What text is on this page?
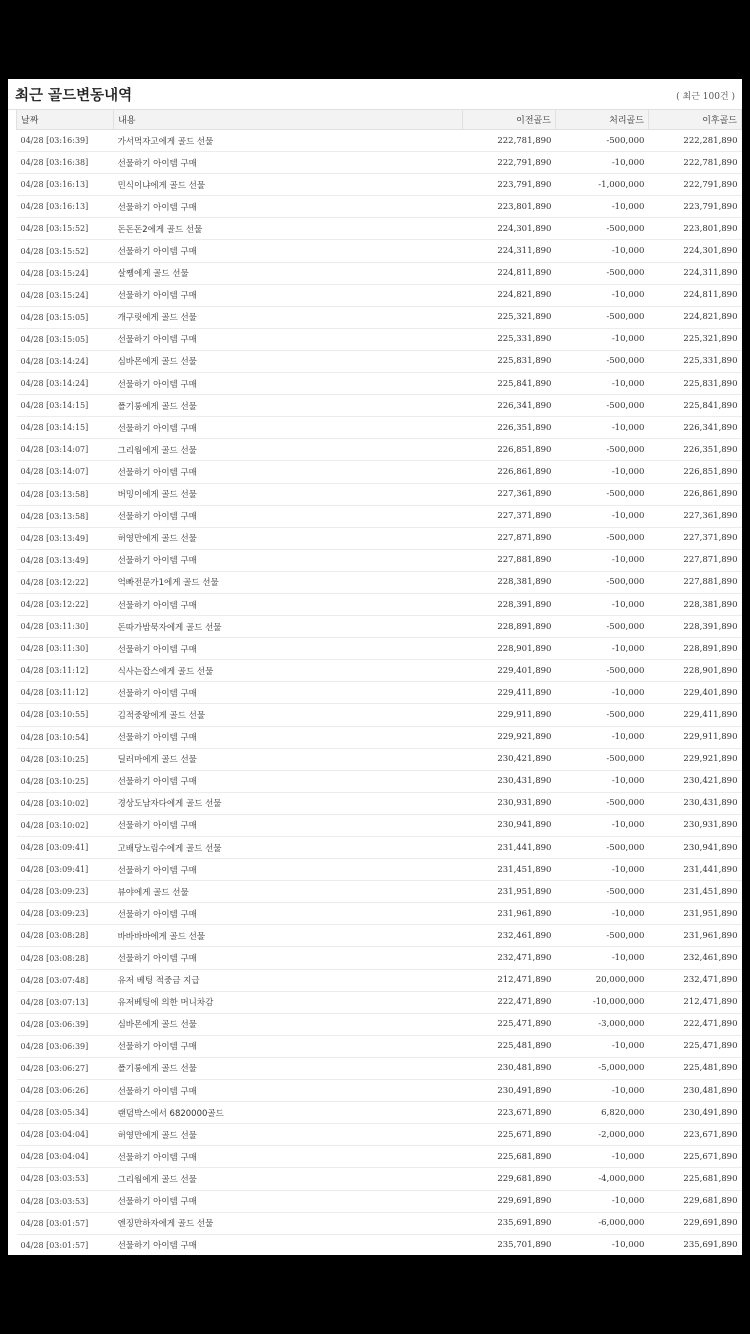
최근 골드변동내역	( 최근 100건 )
날짜	내용	이전골드	처리골드	이후골드
04/28 [03:16:39]	가서먹자고에게 골드 선물	222,781,890	-500,000	222,281,890
04/28 [03:16:38]	선물하기 아이템 구매	222,791,890	-10,000	222,781,890
04/28 [03:16:13]	민식이냐에게 골드 선물	223,791,890	-1,000,000	222,791,890
04/28 [03:16:13]	선물하기 아이템 구매	223,801,890	-10,000	223,791,890
04/28 [03:15:52]	돈돈돈2에게 골드 선물	224,301,890	-500,000	223,801,890
04/28 [03:15:52]	선물하기 아이템 구매	224,311,890	-10,000	224,301,890
04/28 [03:15:24]	살쪵에게 골드 선물	224,811,890	-500,000	224,311,890
04/28 [03:15:24]	선물하기 아이템 구매	224,821,890	-10,000	224,811,890
04/28 [03:15:05]	개구릿에게 골드 선물	225,321,890	-500,000	224,821,890
04/28 [03:15:05]	선물하기 아이템 구매	225,331,890	-10,000	225,321,890
04/28 [03:14:24]	심바몬에게 골드 선물	225,831,890	-500,000	225,331,890
04/28 [03:14:24]	선물하기 아이템 구매	225,841,890	-10,000	225,831,890
04/28 [03:14:15]	폴기룽에게 골드 선물	226,341,890	-500,000	225,841,890
04/28 [03:14:15]	선물하기 아이템 구매	226,351,890	-10,000	226,341,890
04/28 [03:14:07]	그리웜에게 골드 선물	226,851,890	-500,000	226,351,890
04/28 [03:14:07]	선물하기 아이템 구매	226,861,890	-10,000	226,851,890
04/28 [03:13:58]	버밍이에게 골드 선물	227,361,890	-500,000	226,861,890
04/28 [03:13:58]	선물하기 아이템 구매	227,371,890	-10,000	227,361,890
04/28 [03:13:49]	허영만에게 골드 선물	227,871,890	-500,000	227,371,890
04/28 [03:13:49]	선물하기 아이템 구매	227,881,890	-10,000	227,871,890
04/28 [03:12:22]	억빠전문가1에게 골드 선물	228,381,890	-500,000	227,881,890
04/28 [03:12:22]	선물하기 아이템 구매	228,391,890	-10,000	228,381,890
04/28 [03:11:30]	돈따가밤묵자에게 골드 선물	228,891,890	-500,000	228,391,890
04/28 [03:11:30]	선물하기 아이템 구매	228,901,890	-10,000	228,891,890
04/28 [03:11:12]	식사는잡스에게 골드 선물	229,401,890	-500,000	228,901,890
04/28 [03:11:12]	선물하기 아이템 구매	229,411,890	-10,000	229,401,890
04/28 [03:10:55]	김적중왕에게 골드 선물	229,911,890	-500,000	229,411,890
04/28 [03:10:54]	선물하기 아이템 구매	229,921,890	-10,000	229,911,890
04/28 [03:10:25]	딜러마에게 골드 선물	230,421,890	-500,000	229,921,890
04/28 [03:10:25]	선물하기 아이템 구매	230,431,890	-10,000	230,421,890
04/28 [03:10:02]	경상도남자다에게 골드 선물	230,931,890	-500,000	230,431,890
04/28 [03:10:02]	선물하기 아이템 구매	230,941,890	-10,000	230,931,890
04/28 [03:09:41]	고배당노림수에게 골드 선물	231,441,890	-500,000	230,941,890
04/28 [03:09:41]	선물하기 아이템 구매	231,451,890	-10,000	231,441,890
04/28 [03:09:23]	뷰야에게 골드 선물	231,951,890	-500,000	231,451,890
04/28 [03:09:23]	선물하기 아이템 구매	231,961,890	-10,000	231,951,890
04/28 [03:08:28]	바바바바에게 골드 선물	232,461,890	-500,000	231,961,890
04/28 [03:08:28]	선물하기 아이템 구매	232,471,890	-10,000	232,461,890
04/28 [03:07:48]	유저 베팅 적중금 지급	212,471,890	20,000,000	232,471,890
04/28 [03:07:13]	유저베팅에 의한 머니차감	222,471,890	-10,000,000	212,471,890
04/28 [03:06:39]	심바몬에게 골드 선물	225,471,890	-3,000,000	222,471,890
04/28 [03:06:39]	선물하기 아이템 구매	225,481,890	-10,000	225,471,890
04/28 [03:06:27]	폴기룽에게 골드 선물	230,481,890	-5,000,000	225,481,890
04/28 [03:06:26]	선물하기 아이템 구매	230,491,890	-10,000	230,481,890
04/28 [03:05:34]	랜덤박스에서 6820000골드	223,671,890	6,820,000	230,491,890
04/28 [03:04:04]	허영만에게 골드 선물	225,671,890	-2,000,000	223,671,890
04/28 [03:04:04]	선물하기 아이템 구매	225,681,890	-10,000	225,671,890
04/28 [03:03:53]	그리웜에게 골드 선물	229,681,890	-4,000,000	225,681,890
04/28 [03:03:53]	선물하기 아이템 구매	229,691,890	-10,000	229,681,890
04/28 [03:01:57]	엔징만하자에게 골드 선물	235,691,890	-6,000,000	229,691,890
04/28 [03:01:57]	선물하기 아이템 구매	235,701,890	-10,000	235,691,890
